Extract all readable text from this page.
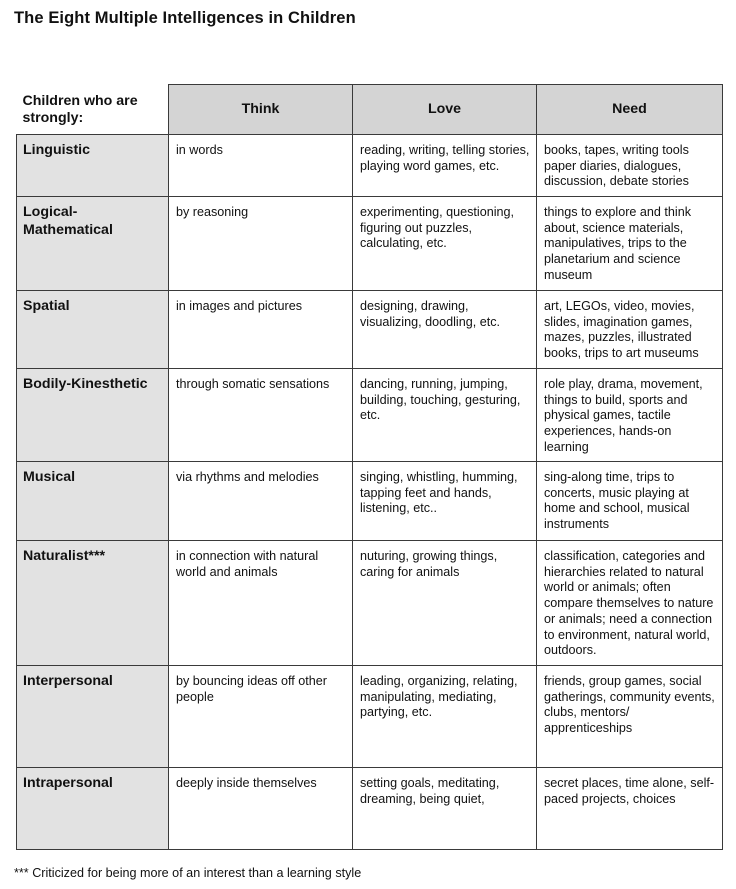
The Eight Multiple Intelligences in Children
Children who are strongly:	Think	Love	Need
Linguistic	in words	reading, writing, telling stories, playing word games, etc.	books, tapes, writing tools paper diaries, dialogues, discussion, debate stories
Logical-Mathematical	by reasoning	experimenting, questioning, figuring out puzzles, calculating, etc.	things to explore and think about, science materials, manipulatives, trips to the planetarium and science museum
Spatial	in images and pictures	designing, drawing, visualizing, doodling, etc.	art, LEGOs, video, movies, slides, imagination games, mazes, puzzles, illustrated books, trips to art museums
Bodily-Kinesthetic	through somatic sensations	dancing, running, jumping, building, touching, gesturing, etc.	role play, drama, movement, things to build, sports and physical games, tactile experiences, hands-on learning
Musical	via rhythms and melodies	singing, whistling, humming, tapping feet and hands, listening, etc..	sing-along time, trips to concerts, music playing at home and school, musical instruments
Naturalist***	in connection with natural world and animals	nuturing, growing things, caring for animals	classification, categories and hierarchies related to natural world or animals; often compare themselves to nature or animals; need a connection to environment, natural world, outdoors.
Interpersonal	by bouncing ideas off other people	leading, organizing, relating, manipulating, mediating, partying, etc.	friends, group games, social gatherings, community events, clubs, mentors/ apprenticeships
Intrapersonal	deeply inside themselves	setting goals, meditating, dreaming, being quiet,	secret places, time alone, self-paced projects, choices
*** Criticized for being more of an interest than a learning style
